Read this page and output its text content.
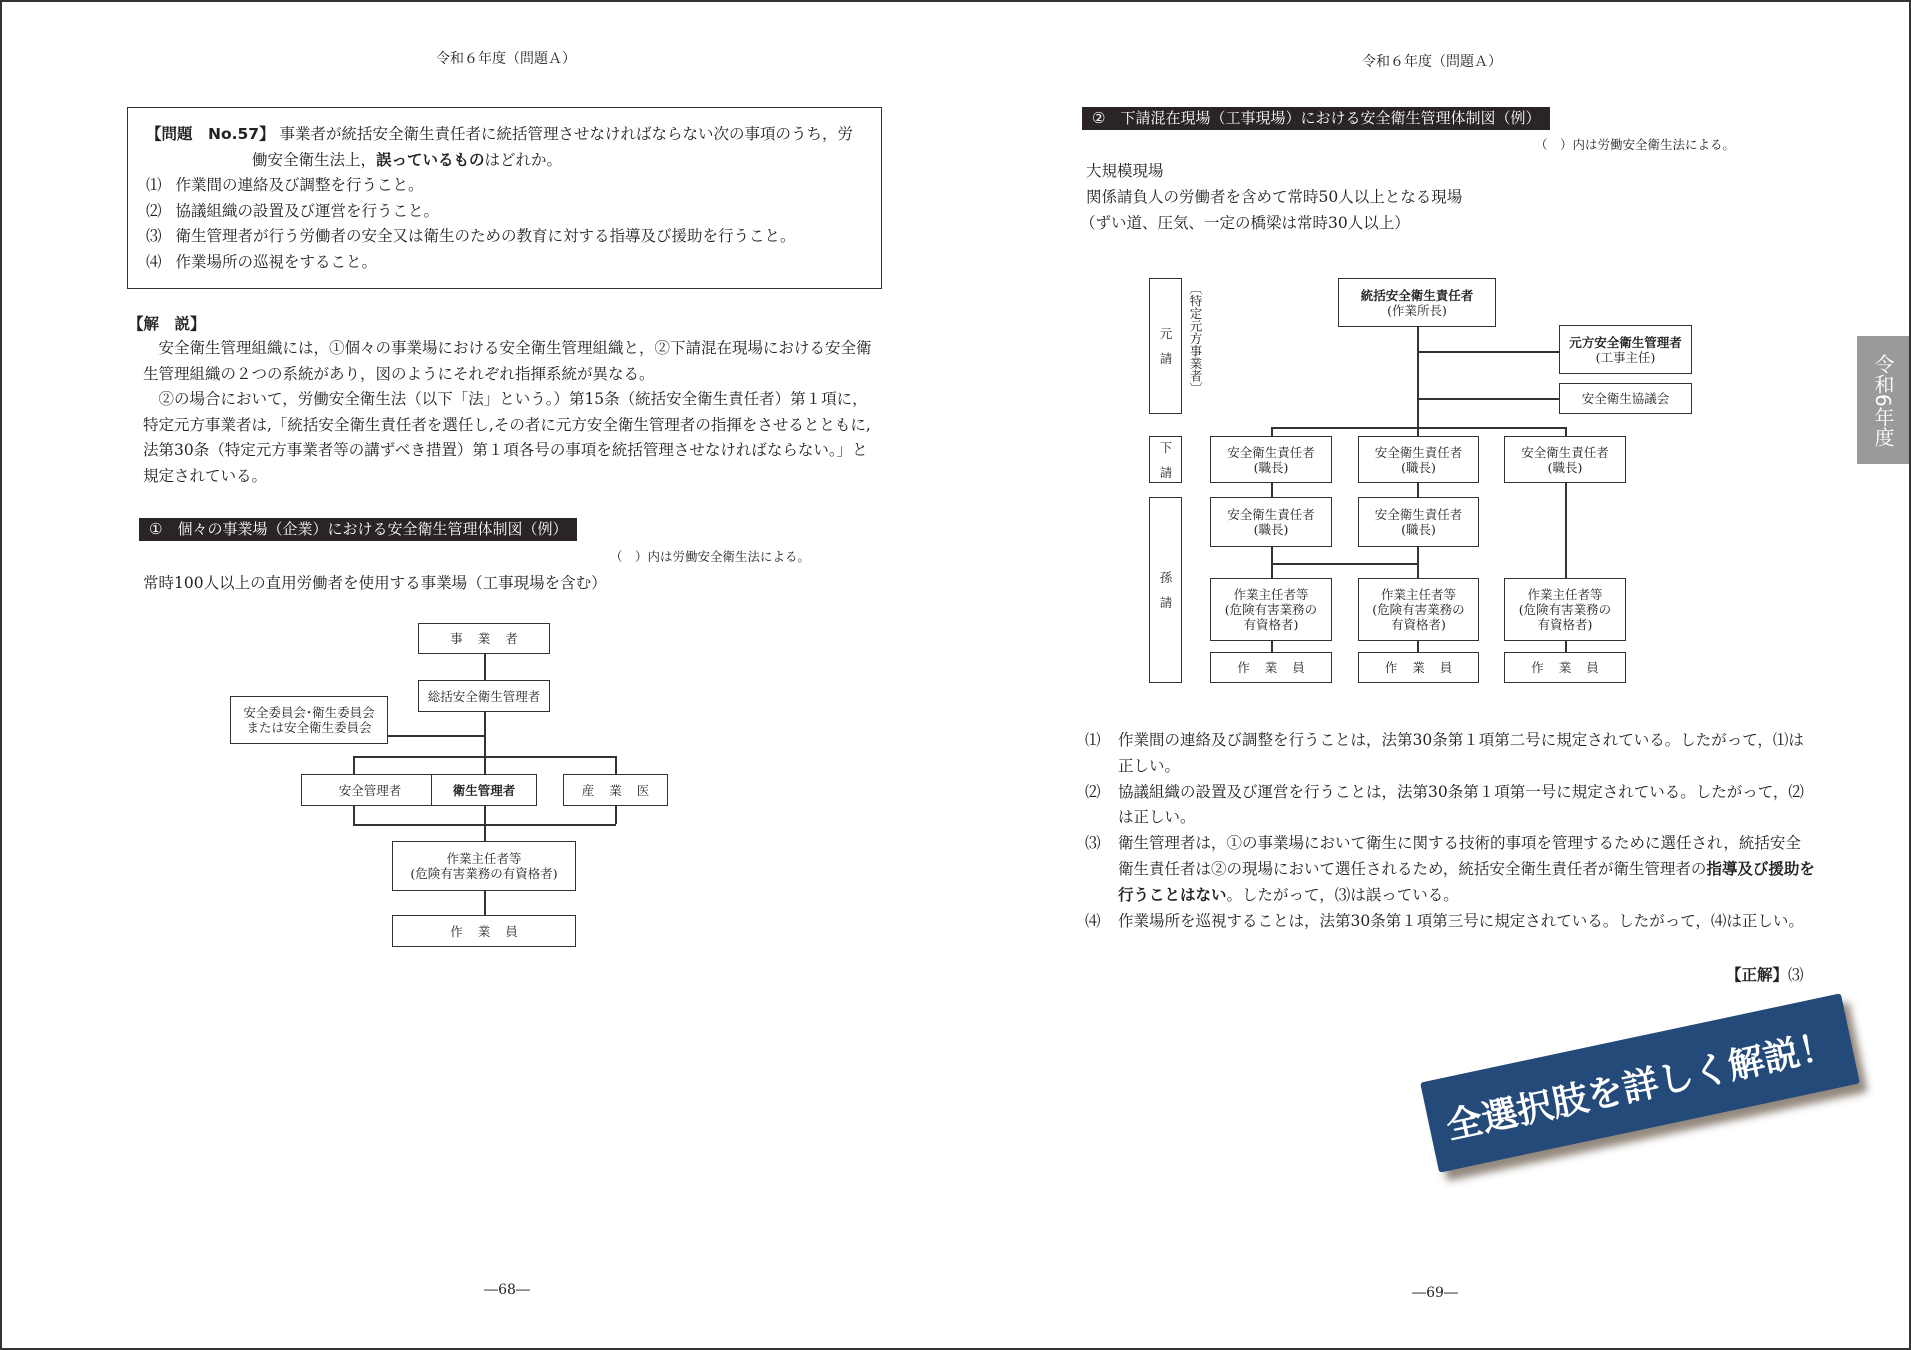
令和６年度（問題Ａ）
【問題　No.57】 事業者が統括安全衛生責任者に統括管理させなければならない次の事項のうち，労働安全衛生法上，誤っているものはどれか。
⑴ 作業間の連絡及び調整を行うこと。
⑵ 協議組織の設置及び運営を行うこと。
⑶ 衛生管理者が行う労働者の安全又は衛生のための教育に対する指導及び援助を行うこと。
⑷ 作業場所の巡視をすること。
【解　説】
安全衛生管理組織には，①個々の事業場における安全衛生管理組織と，②下請混在現場における安全衛生管理組織の２つの系統があり，図のようにそれぞれ指揮系統が異なる。
②の場合において，労働安全衛生法（以下「法」という。）第15条（統括安全衛生責任者）第１項に，特定元方事業者は,「統括安全衛生責任者を選任し,その者に元方安全衛生管理者の指揮をさせるとともに,法第30条（特定元方事業者等の講ずべき措置）第１項各号の事項を統括管理させなければならない。」と規定されている。
①　個々の事業場（企業）における安全衛生管理体制図（例）
（　）内は労働安全衛生法による。
常時100人以上の直用労働者を使用する事業場（工事現場を含む）
事業者
総括安全衛生管理者
安全委員会･衛生委員会
または安全衛生委員会
安全管理者	衛生管理者	産業医
作業主任者等
(危険有害業務の有資格者)
作業員
―68―
令和６年度（問題Ａ）
②　下請混在現場（工事現場）における安全衛生管理体制図（例）
（　）内は労働安全衛生法による。
大規模現場
関係請負人の労働者を含めて常時50人以上となる現場
（ずい道、圧気、一定の橋梁は常時30人以上）
元　請 〔特定元方事業者〕
下　請
孫　請
統括安全衛生責任者
(作業所長)
元方安全衛生管理者
(工事主任)
安全衛生協議会
安全衛生責任者
(職長)
安全衛生責任者
(職長)
安全衛生責任者
(職長)
安全衛生責任者
(職長)
安全衛生責任者
(職長)
作業主任者等
(危険有害業務の
有資格者)
作業主任者等
(危険有害業務の
有資格者)
作業主任者等
(危険有害業務の
有資格者)
作業員	作業員	作業員
⑴	作業間の連絡及び調整を行うことは，法第30条第１項第二号に規定されている。したがって，⑴は正しい。
⑵	協議組織の設置及び運営を行うことは，法第30条第１項第一号に規定されている。したがって，⑵は正しい。
⑶	衛生管理者は，①の事業場において衛生に関する技術的事項を管理するために選任され，統括安全衛生責任者は②の現場において選任されるため，統括安全衛生責任者が衛生管理者の指導及び援助を行うことはない。したがって，⑶は誤っている。
⑷	作業場所を巡視することは，法第30条第１項第三号に規定されている。したがって，⑷は正しい。
【正解】⑶
全選択肢を詳しく解説！
令和6年度
―69―
